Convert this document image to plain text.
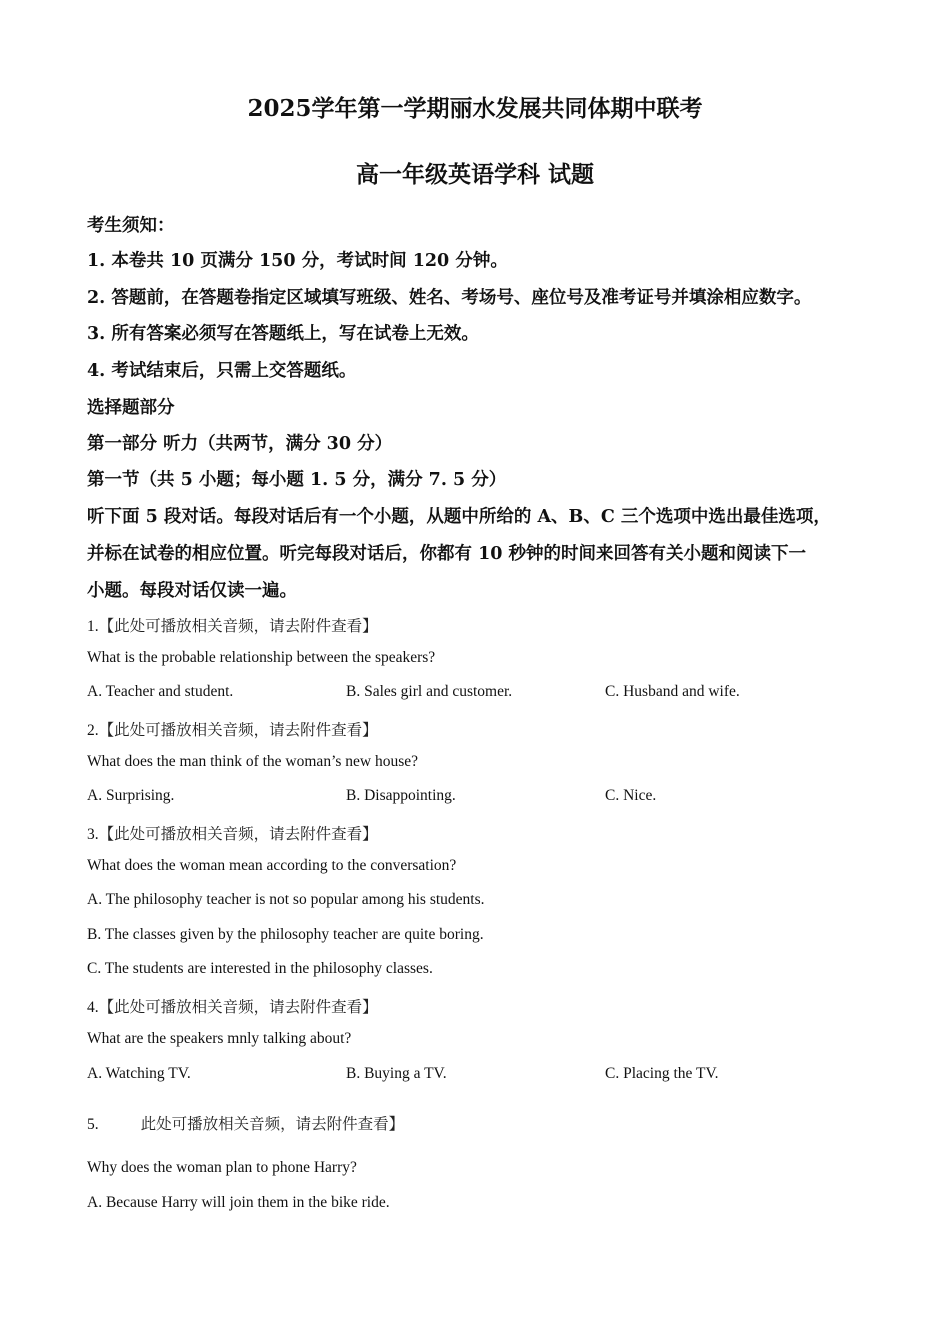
2025学年第一学期丽水发展共同体期中联考
高一年级英语学科 试题
考生须知：
1. 本卷共 10 页满分 150 分，考试时间 120 分钟。
2. 答题前，在答题卷指定区域填写班级、姓名、考场号、座位号及准考证号并填涂相应数字。
3. 所有答案必须写在答题纸上，写在试卷上无效。
4. 考试结束后，只需上交答题纸。
选择题部分
第一部分 听力（共两节，满分 30 分）
第一节（共 5 小题；每小题 1. 5 分，满分 7. 5 分）
听下面 5 段对话。每段对话后有一个小题，从题中所给的 A、B、C 三个选项中选出最佳选项，
并标在试卷的相应位置。听完每段对话后，你都有 10 秒钟的时间来回答有关小题和阅读下一
小题。每段对话仅读一遍。
1.【此处可播放相关音频，请去附件查看】
What is the probable relationship between the speakers?
A. Teacher and student.	B. Sales girl and customer.	C. Husband and wife.
2.【此处可播放相关音频，请去附件查看】
What does the man think of the woman’s new house?
A. Surprising.	B. Disappointing.	C. Nice.
3.【此处可播放相关音频，请去附件查看】
What does the woman mean according to the conversation?
A. The philosophy teacher is not so popular among his students.
B. The classes given by the philosophy teacher are quite boring.
C. The students are interested in the philosophy classes.
4.【此处可播放相关音频，请去附件查看】
What are the speakers mnly talking about?
A. Watching TV.	B. Buying a TV.	C. Placing the TV.
5.	此处可播放相关音频，请去附件查看】
Why does the woman plan to phone Harry?
A. Because Harry will join them in the bike ride.
